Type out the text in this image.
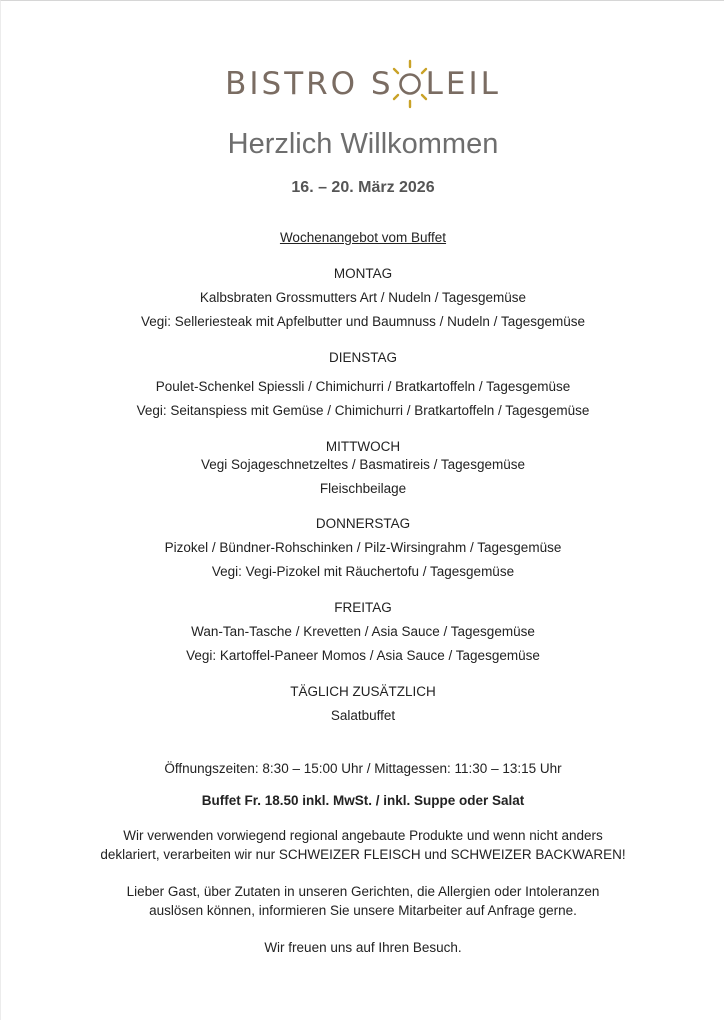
BISTRO S LEIL
Herzlich Willkommen
16. – 20. März 2026
Wochenangebot vom Buffet
MONTAG
Kalbsbraten Grossmutters Art / Nudeln / Tagesgemüse
Vegi: Selleriesteak mit Apfelbutter und Baumnuss / Nudeln / Tagesgemüse
DIENSTAG
Poulet-Schenkel Spiessli / Chimichurri / Bratkartoffeln / Tagesgemüse
Vegi: Seitanspiess mit Gemüse / Chimichurri / Bratkartoffeln / Tagesgemüse
MITTWOCH
Vegi Sojageschnetzeltes / Basmatireis / Tagesgemüse
Fleischbeilage
DONNERSTAG
Pizokel / Bündner-Rohschinken / Pilz-Wirsingrahm / Tagesgemüse
Vegi: Vegi-Pizokel mit Räuchertofu / Tagesgemüse
FREITAG
Wan-Tan-Tasche / Krevetten / Asia Sauce / Tagesgemüse
Vegi: Kartoffel-Paneer Momos / Asia Sauce / Tagesgemüse
TÄGLICH ZUSÄTZLICH
Salatbuffet
Öffnungszeiten: 8:30 – 15:00 Uhr / Mittagessen: 11:30 – 13:15 Uhr
Buffet Fr. 18.50 inkl. MwSt. / inkl. Suppe oder Salat
Wir verwenden vorwiegend regional angebaute Produkte und wenn nicht anders
deklariert, verarbeiten wir nur SCHWEIZER FLEISCH und SCHWEIZER BACKWAREN!
Lieber Gast, über Zutaten in unseren Gerichten, die Allergien oder Intoleranzen
auslösen können, informieren Sie unsere Mitarbeiter auf Anfrage gerne.
Wir freuen uns auf Ihren Besuch.
